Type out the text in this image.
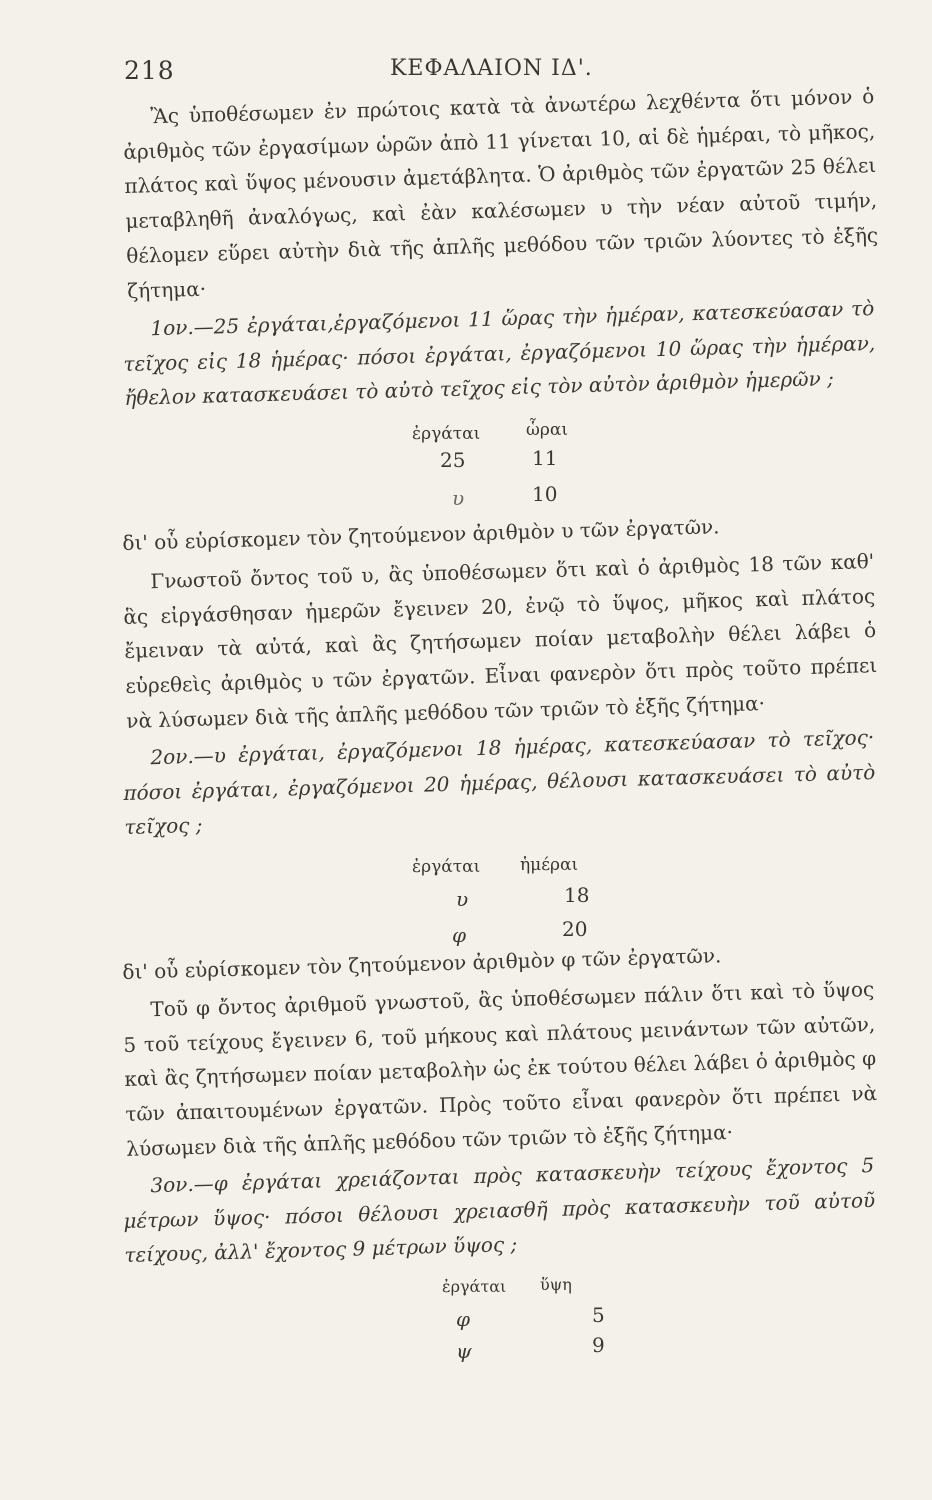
218	ΚΕΦΑΛΑΙΟΝ ΙΔ'.

Ἂς ὑποθέσωμεν ἐν πρώτοις κατὰ τὰ ἀνωτέρω λεχθέντα ὅτι μόνον ὁ ἀριθμὸς τῶν ἐργασίμων ὡρῶν ἀπὸ 11 γίνεται 10, αἱ δὲ ἡμέραι, τὸ μῆκος, πλάτος καὶ ὕψος μένουσιν ἀμετάβλητα. Ὁ ἀριθμὸς τῶν ἐργατῶν 25 θέλει μεταβληθῆ ἀναλόγως, καὶ ἐὰν καλέσωμεν υ τὴν νέαν αὐτοῦ τιμήν, θέλομεν εὕρει αὐτὴν διὰ τῆς ἁπλῆς μεθόδου τῶν τριῶν λύοντες τὸ ἑξῆς ζήτημα·

1ον.—25 ἐργάται,ἐργαζόμενοι 11 ὥρας τὴν ἡμέραν, κατεσκεύασαν τὸ τεῖχος εἰς 18 ἡμέρας· πόσοι ἐργάται, ἐργαζόμενοι 10 ὥρας τὴν ἡμέραν, ἤθελον κατασκευάσει τὸ αὐτὸ τεῖχος εἰς τὸν αὐτὸν ἀριθμὸν ἡμερῶν ;

ἐργάται	ὧραι
25	11
υ	10

δι' οὗ εὑρίσκομεν τὸν ζητούμενον ἀριθμὸν υ τῶν ἐργατῶν.

Γνωστοῦ ὄντος τοῦ υ, ἂς ὑποθέσωμεν ὅτι καὶ ὁ ἀριθμὸς 18 τῶν καθ' ἃς εἰργάσθησαν ἡμερῶν ἔγεινεν 20, ἐνῷ τὸ ὕψος, μῆκος καὶ πλάτος ἔμειναν τὰ αὐτά, καὶ ἂς ζητήσωμεν ποίαν μεταβολὴν θέλει λάβει ὁ εὑρεθεὶς ἀριθμὸς υ τῶν ἐργατῶν. Εἶναι φανερὸν ὅτι πρὸς τοῦτο πρέπει νὰ λύσωμεν διὰ τῆς ἁπλῆς μεθόδου τῶν τριῶν τὸ ἑξῆς ζήτημα·

2ον.—υ ἐργάται, ἐργαζόμενοι 18 ἡμέρας, κατεσκεύασαν τὸ τεῖχος· πόσοι ἐργάται, ἐργαζόμενοι 20 ἡμέρας, θέλουσι κατασκευάσει τὸ αὐτὸ τεῖχος ;

ἐργάται ἡμέραι
υ	18
φ	20

δι' οὗ εὑρίσκομεν τὸν ζητούμενον ἀριθμὸν φ τῶν ἐργατῶν.

Τοῦ φ ὄντος ἀριθμοῦ γνωστοῦ, ἂς ὑποθέσωμεν πάλιν ὅτι καὶ τὸ ὕψος 5 τοῦ τείχους ἔγεινεν 6, τοῦ μήκους καὶ πλάτους μεινάντων τῶν αὐτῶν, καὶ ἂς ζητήσωμεν ποίαν μεταβολὴν ὡς ἐκ τούτου θέλει λάβει ὁ ἀριθμὸς φ τῶν ἀπαιτουμένων ἐργατῶν. Πρὸς τοῦτο εἶναι φανερὸν ὅτι πρέπει νὰ λύσωμεν διὰ τῆς ἁπλῆς μεθόδου τῶν τριῶν τὸ ἑξῆς ζήτημα·

3ον.—φ ἐργάται χρειάζονται πρὸς κατασκευὴν τείχους ἔχοντος 5 μέτρων ὕψος· πόσοι θέλουσι χρειασθῆ πρὸς κατασκευὴν τοῦ αὐτοῦ τείχους, ἀλλ' ἔχοντος 9 μέτρων ὕψος ;

ἐργάται ὕψη
φ	5
ψ	9
